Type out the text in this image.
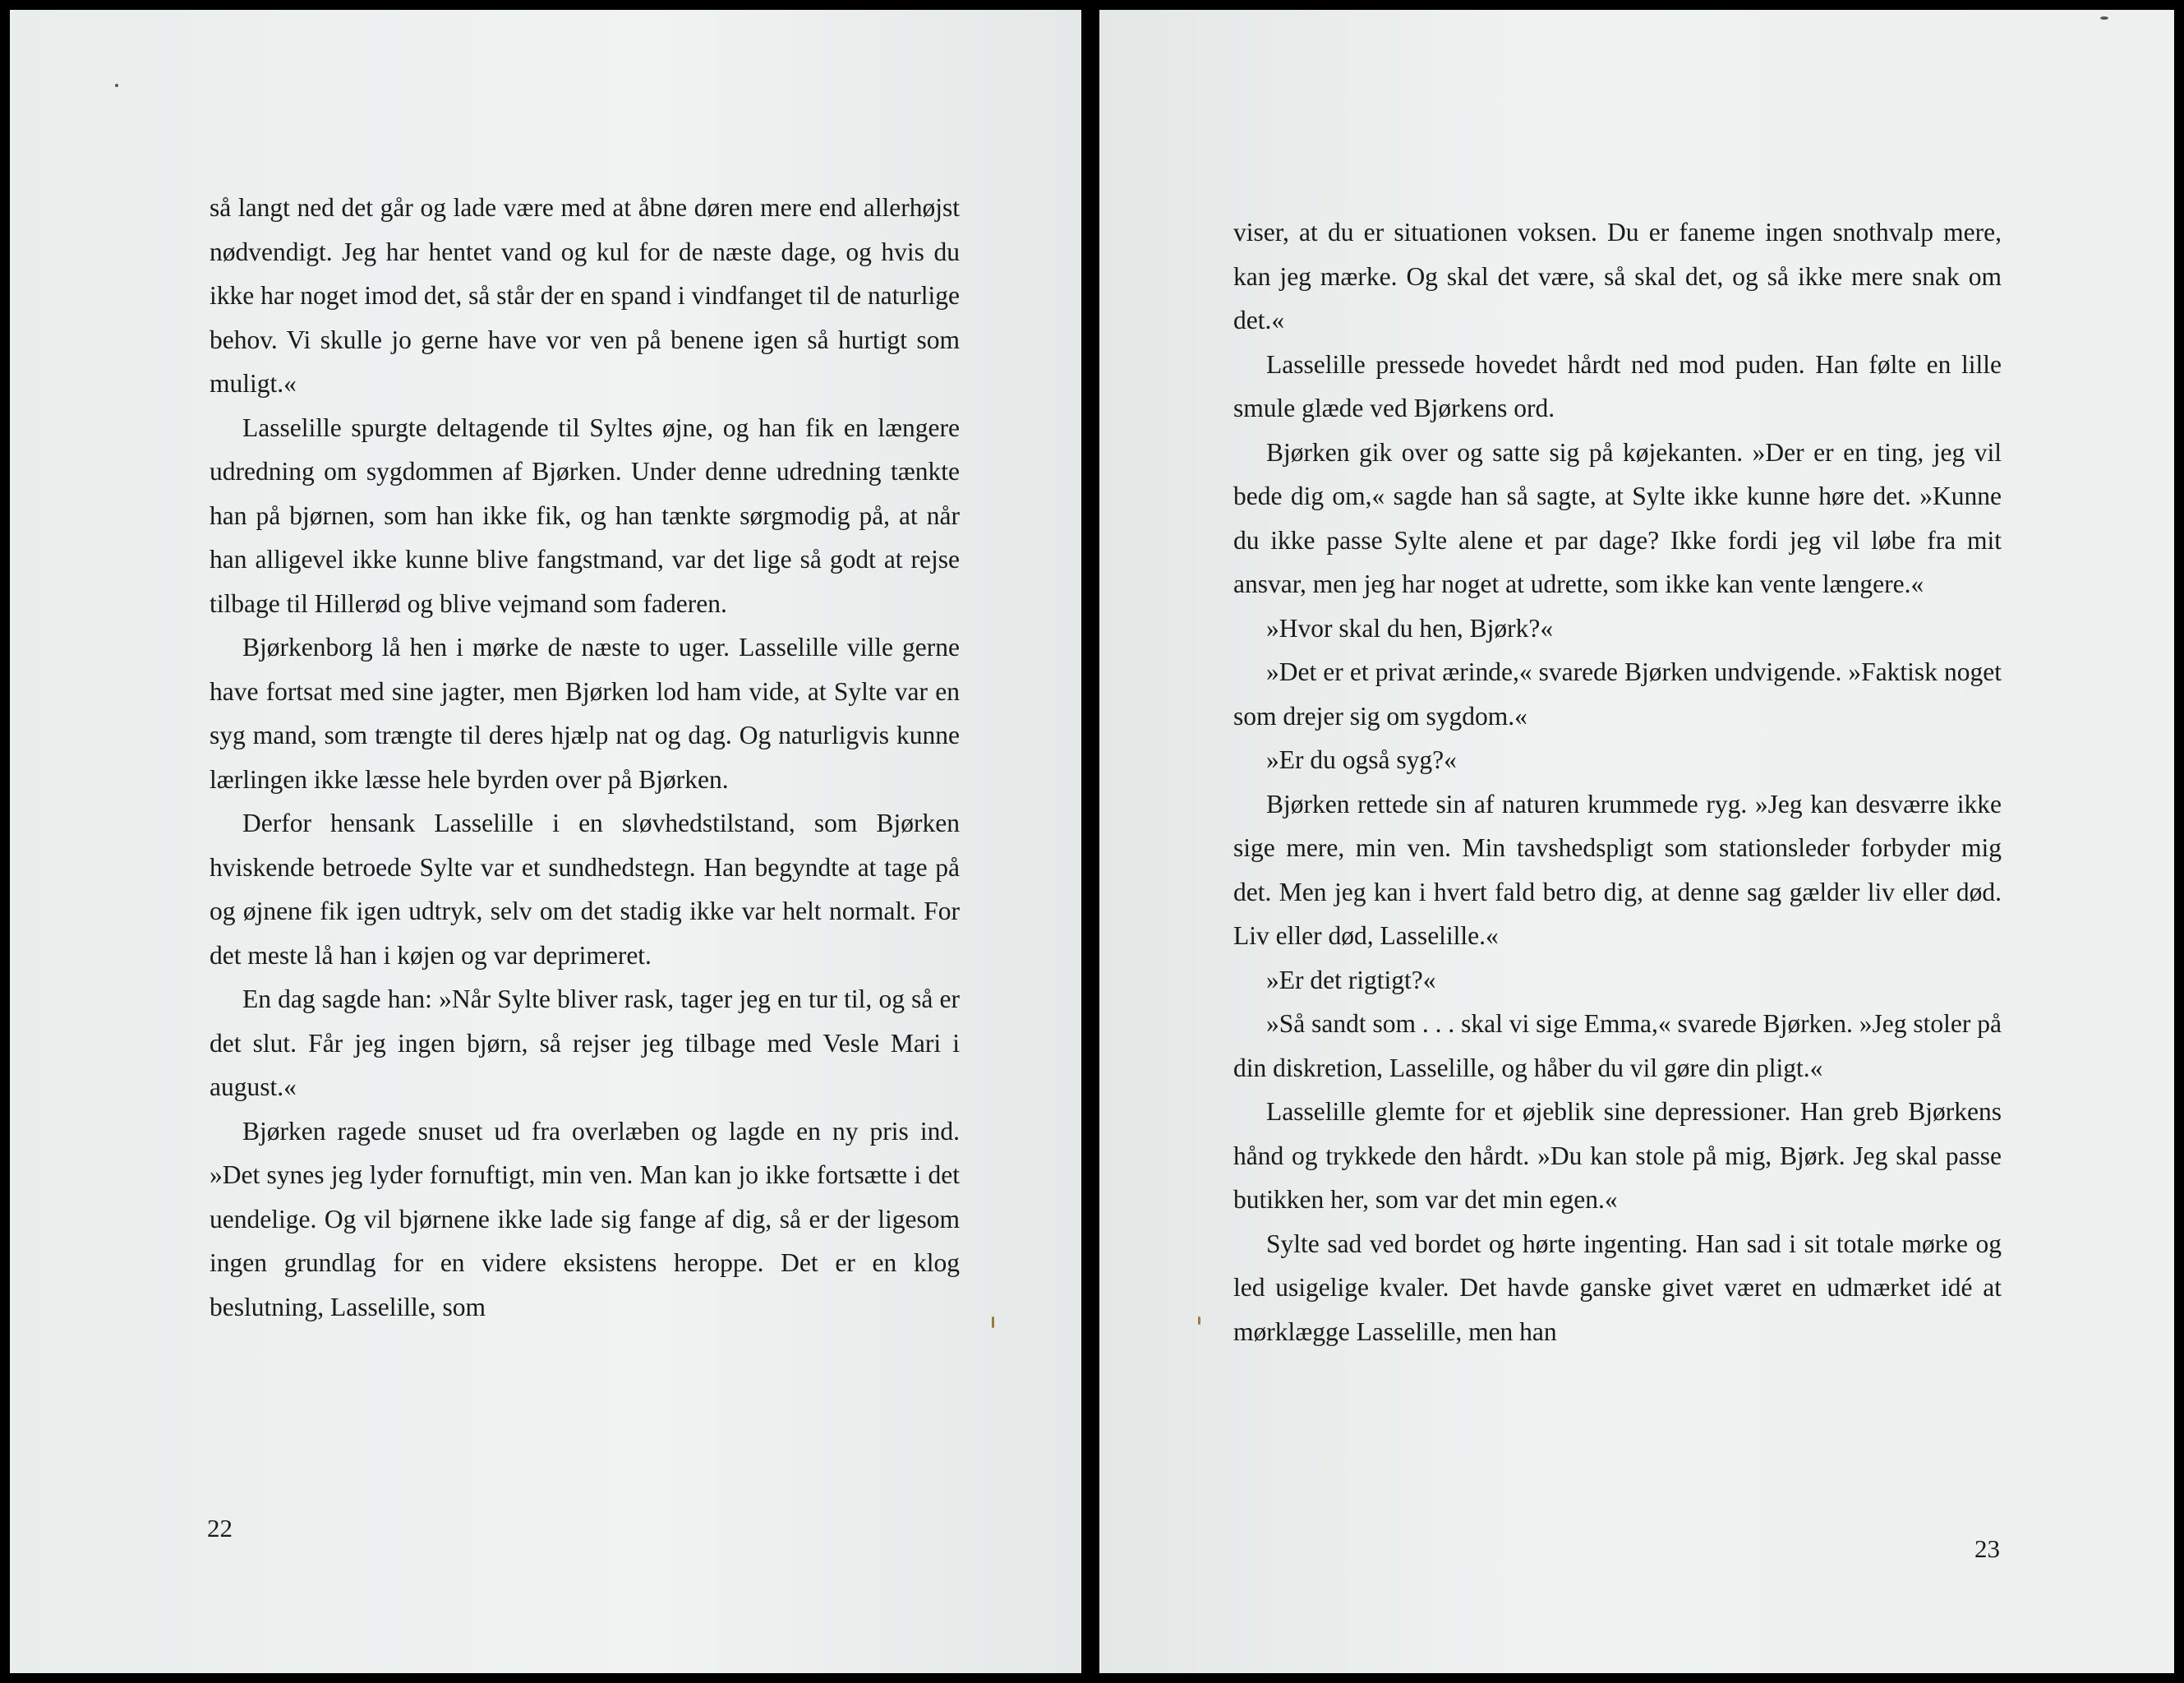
så langt ned det går og lade være med at åbne døren mere end allerhøjst nødvendigt. Jeg har hentet vand og kul for de næste dage, og hvis du ikke har noget imod det, så står der en spand i vindfanget til de naturlige behov. Vi skulle jo gerne have vor ven på benene igen så hurtigt som muligt.«

Lasselille spurgte deltagende til Syltes øjne, og han fik en længere udredning om sygdommen af Bjørken. Under denne udredning tænkte han på bjørnen, som han ikke fik, og han tænkte sørgmodig på, at når han alligevel ikke kunne blive fangstmand, var det lige så godt at rejse tilbage til Hillerød og blive vejmand som faderen.

Bjørkenborg lå hen i mørke de næste to uger. Lasselille ville gerne have fortsat med sine jagter, men Bjørken lod ham vide, at Sylte var en syg mand, som trængte til deres hjælp nat og dag. Og naturligvis kunne lærlingen ikke læsse hele byrden over på Bjørken.

Derfor hensank Lasselille i en sløvhedstilstand, som Bjørken hviskende betroede Sylte var et sundhedstegn. Han begyndte at tage på og øjnene fik igen udtryk, selv om det stadig ikke var helt normalt. For det meste lå han i køjen og var deprimeret.

En dag sagde han: »Når Sylte bliver rask, tager jeg en tur til, og så er det slut. Får jeg ingen bjørn, så rejser jeg tilbage med Vesle Mari i august.«

Bjørken ragede snuset ud fra overlæben og lagde en ny pris ind. »Det synes jeg lyder fornuftigt, min ven. Man kan jo ikke fortsætte i det uendelige. Og vil bjørnene ikke lade sig fange af dig, så er der ligesom ingen grundlag for en videre eksistens heroppe. Det er en klog beslutning, Lasselille, som

22

viser, at du er situationen voksen. Du er faneme ingen snothvalp mere, kan jeg mærke. Og skal det være, så skal det, og så ikke mere snak om det.«

Lasselille pressede hovedet hårdt ned mod puden. Han følte en lille smule glæde ved Bjørkens ord.

Bjørken gik over og satte sig på køjekanten. »Der er en ting, jeg vil bede dig om,« sagde han så sagte, at Sylte ikke kunne høre det. »Kunne du ikke passe Sylte alene et par dage? Ikke fordi jeg vil løbe fra mit ansvar, men jeg har noget at udrette, som ikke kan vente længere.«

»Hvor skal du hen, Bjørk?«

»Det er et privat ærinde,« svarede Bjørken undvigende. »Faktisk noget som drejer sig om sygdom.«

»Er du også syg?«

Bjørken rettede sin af naturen krummede ryg. »Jeg kan desværre ikke sige mere, min ven. Min tavshedspligt som stationsleder forbyder mig det. Men jeg kan i hvert fald betro dig, at denne sag gælder liv eller død. Liv eller død, Lasselille.«

»Er det rigtigt?«

»Så sandt som . . . skal vi sige Emma,« svarede Bjørken. »Jeg stoler på din diskretion, Lasselille, og håber du vil gøre din pligt.«

Lasselille glemte for et øjeblik sine depressioner. Han greb Bjørkens hånd og trykkede den hårdt. »Du kan stole på mig, Bjørk. Jeg skal passe butikken her, som var det min egen.«

Sylte sad ved bordet og hørte ingenting. Han sad i sit totale mørke og led usigelige kvaler. Det havde ganske givet været en udmærket idé at mørklægge Lasselille, men han

23
